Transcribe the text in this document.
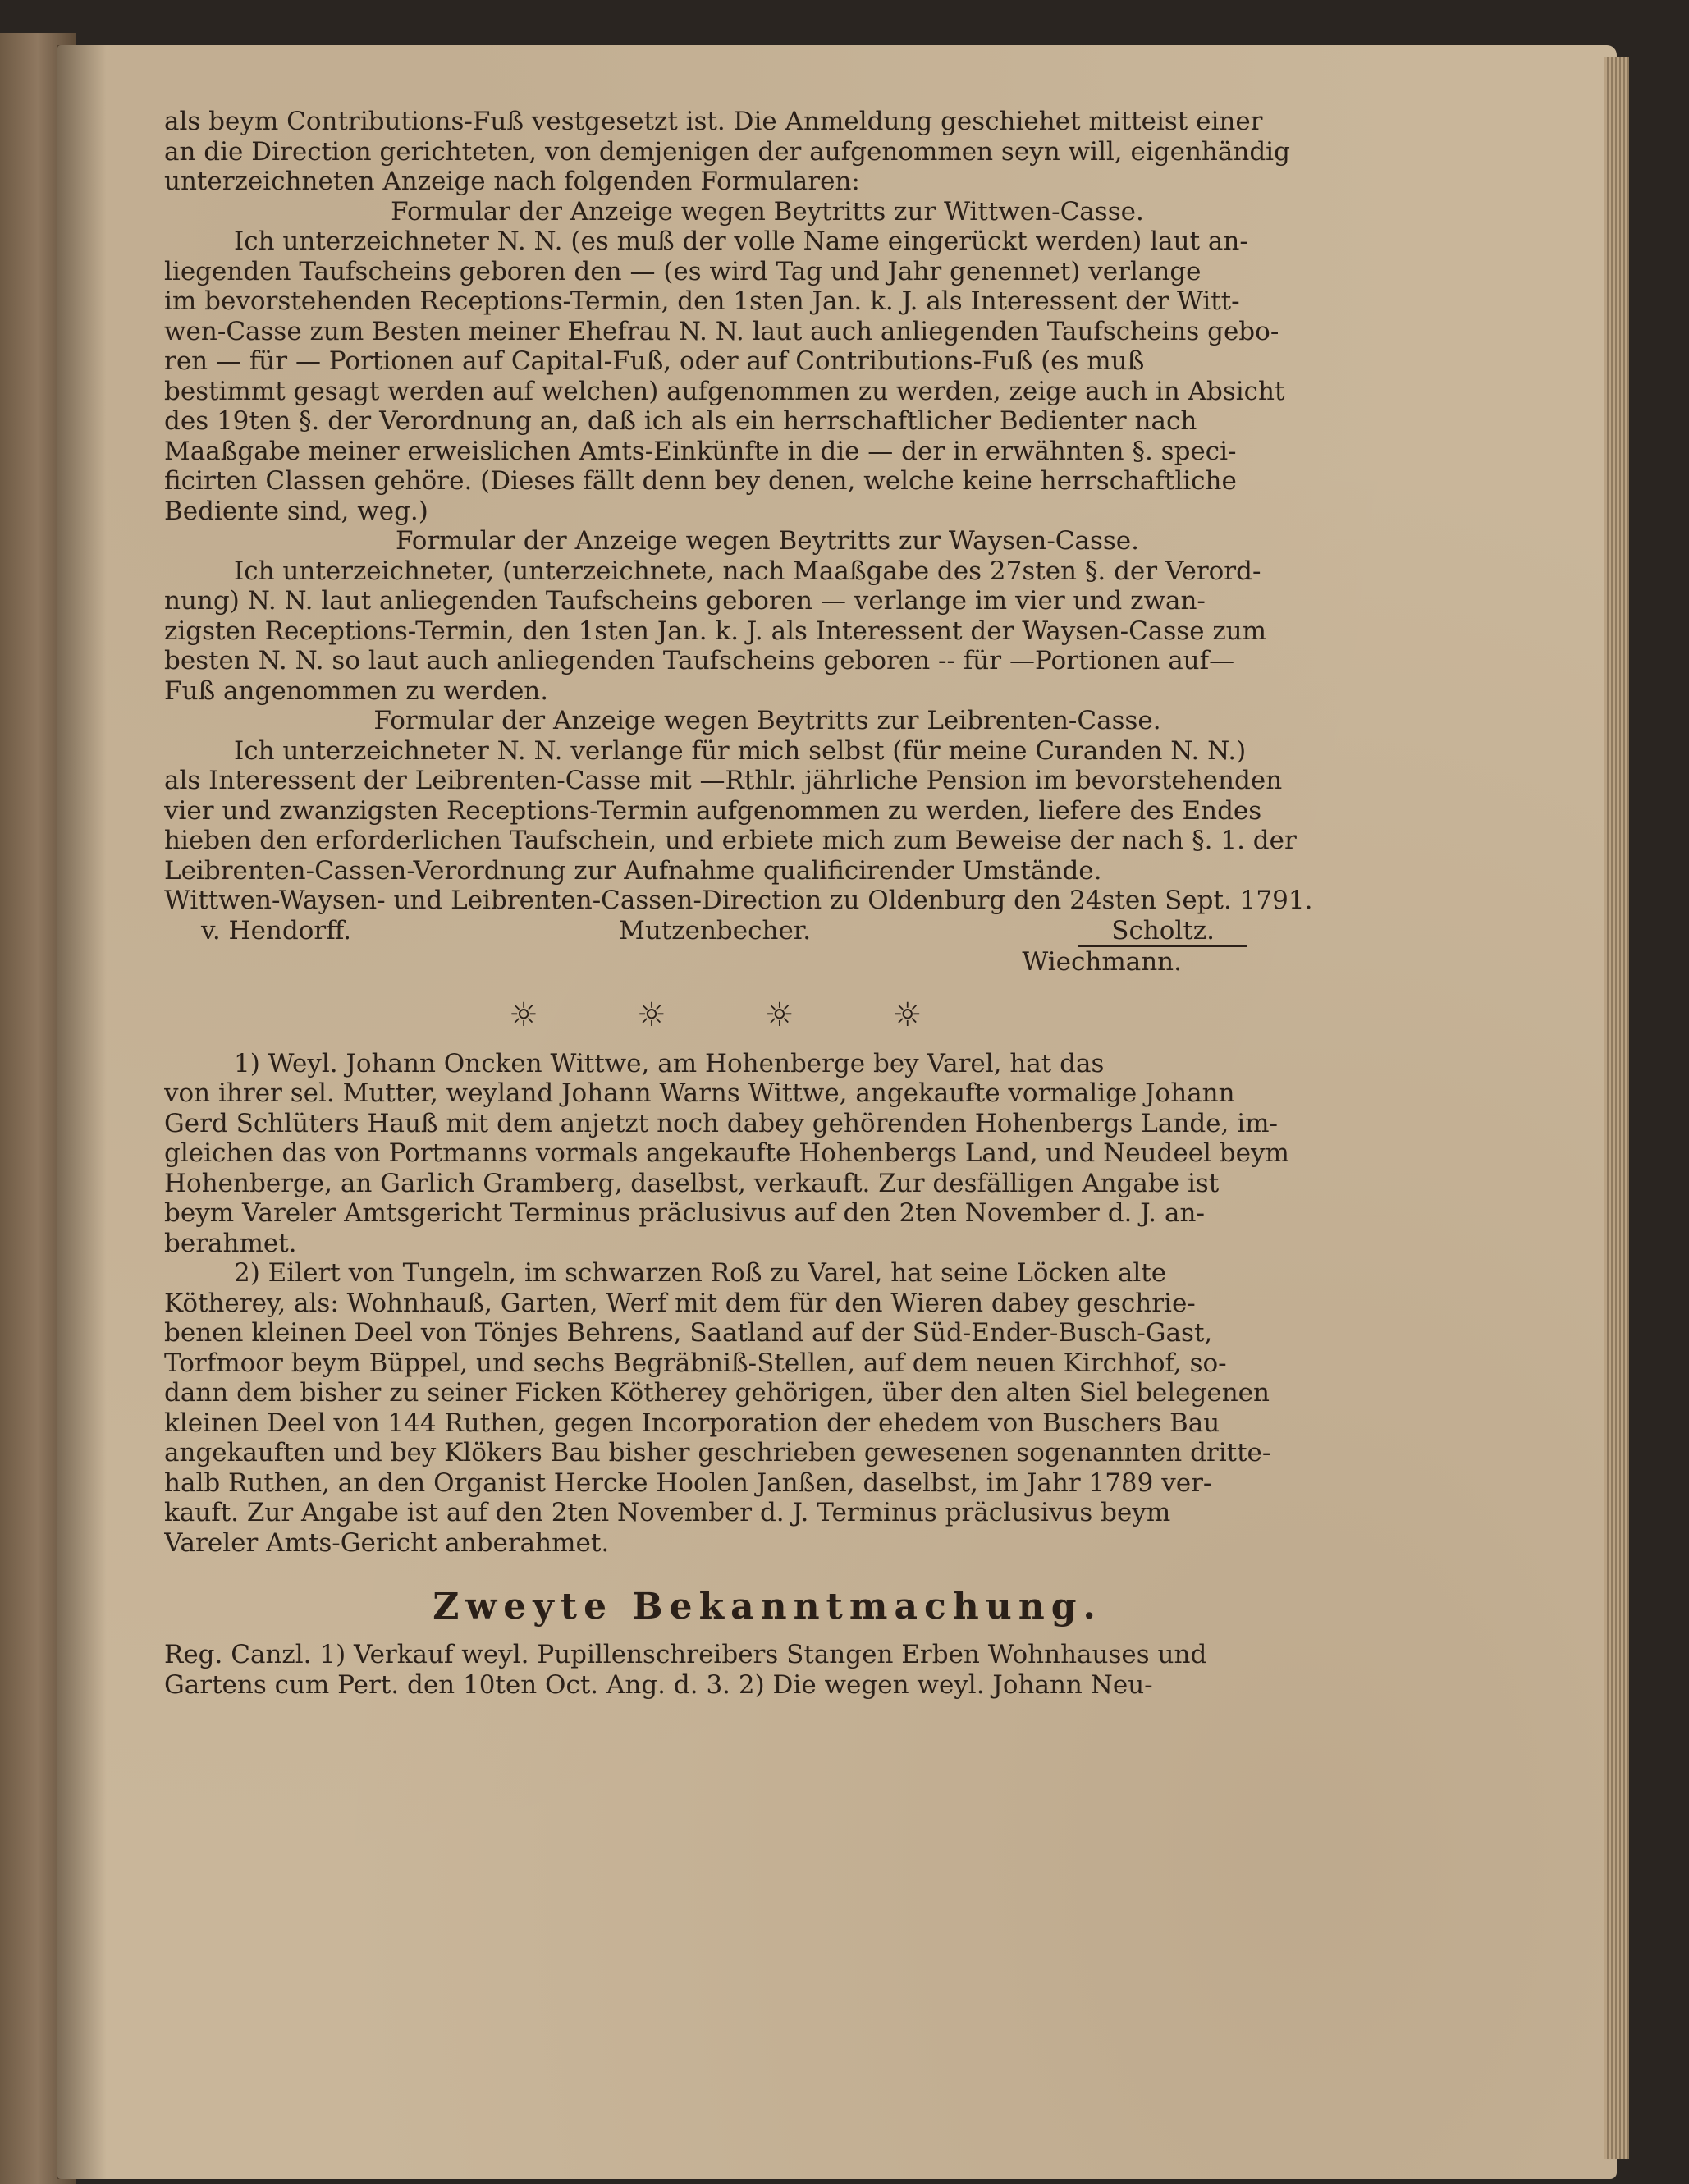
als beym Contributions-Fuß vestgesetzt ist. Die Anmeldung geschiehet mitteist einer
an die Direction gerichteten, von demjenigen der aufgenommen seyn will, eigenhändig
unterzeichneten Anzeige nach folgenden Formularen:
Formular der Anzeige wegen Beytritts zur Wittwen-Casse.
Ich unterzeichneter N. N. (es muß der volle Name eingerückt werden) laut an-
liegenden Taufscheins geboren den — (es wird Tag und Jahr genennet) verlange
im bevorstehenden Receptions-Termin, den 1sten Jan. k. J. als Interessent der Witt-
wen-Casse zum Besten meiner Ehefrau N. N. laut auch anliegenden Taufscheins gebo-
ren — für — Portionen auf Capital-Fuß, oder auf Contributions-Fuß (es muß
bestimmt gesagt werden auf welchen) aufgenommen zu werden, zeige auch in Absicht
des 19ten §. der Verordnung an, daß ich als ein herrschaftlicher Bedienter nach
Maaßgabe meiner erweislichen Amts-Einkünfte in die — der in erwähnten §. speci-
ficirten Classen gehöre. (Dieses fällt denn bey denen, welche keine herrschaftliche
Bediente sind, weg.)
Formular der Anzeige wegen Beytritts zur Waysen-Casse.
Ich unterzeichneter, (unterzeichnete, nach Maaßgabe des 27sten §. der Verord-
nung) N. N. laut anliegenden Taufscheins geboren — verlange im vier und zwan-
zigsten Receptions-Termin, den 1sten Jan. k. J. als Interessent der Waysen-Casse zum
besten N. N. so laut auch anliegenden Taufscheins geboren -- für —Portionen auf—
Fuß angenommen zu werden.
Formular der Anzeige wegen Beytritts zur Leibrenten-Casse.
Ich unterzeichneter N. N. verlange für mich selbst (für meine Curanden N. N.)
als Interessent der Leibrenten-Casse mit —Rthlr. jährliche Pension im bevorstehenden
vier und zwanzigsten Receptions-Termin aufgenommen zu werden, liefere des Endes
hieben den erforderlichen Taufschein, und erbiete mich zum Beweise der nach §. 1. der
Leibrenten-Cassen-Verordnung zur Aufnahme qualificirender Umstände.
Wittwen-Waysen- und Leibrenten-Cassen-Direction zu Oldenburg den 24sten Sept. 1791.
v. Hendorff.	Mutzenbecher.	Scholtz.
Wiechmann.
☼	☼	☼	☼
1) Weyl. Johann Oncken Wittwe, am Hohenberge bey Varel, hat das
von ihrer sel. Mutter, weyland Johann Warns Wittwe, angekaufte vormalige Johann
Gerd Schlüters Hauß mit dem anjetzt noch dabey gehörenden Hohenbergs Lande, im-
gleichen das von Portmanns vormals angekaufte Hohenbergs Land, und Neudeel beym
Hohenberge, an Garlich Gramberg, daselbst, verkauft. Zur desfälligen Angabe ist
beym Vareler Amtsgericht Terminus präclusivus auf den 2ten November d. J. an-
berahmet.
2) Eilert von Tungeln, im schwarzen Roß zu Varel, hat seine Löcken alte
Kötherey, als: Wohnhauß, Garten, Werf mit dem für den Wieren dabey geschrie-
benen kleinen Deel von Tönjes Behrens, Saatland auf der Süd-Ender-Busch-Gast,
Torfmoor beym Büppel, und sechs Begräbniß-Stellen, auf dem neuen Kirchhof, so-
dann dem bisher zu seiner Ficken Kötherey gehörigen, über den alten Siel belegenen
kleinen Deel von 144 Ruthen, gegen Incorporation der ehedem von Buschers Bau
angekauften und bey Klökers Bau bisher geschrieben gewesenen sogenannten dritte-
halb Ruthen, an den Organist Hercke Hoolen Janßen, daselbst, im Jahr 1789 ver-
kauft. Zur Angabe ist auf den 2ten November d. J. Terminus präclusivus beym
Vareler Amts-Gericht anberahmet.
Zweyte Bekanntmachung.
Reg. Canzl. 1) Verkauf weyl. Pupillenschreibers Stangen Erben Wohnhauses und
Gartens cum Pert. den 10ten Oct. Ang. d. 3. 2) Die wegen weyl. Johann Neu-
